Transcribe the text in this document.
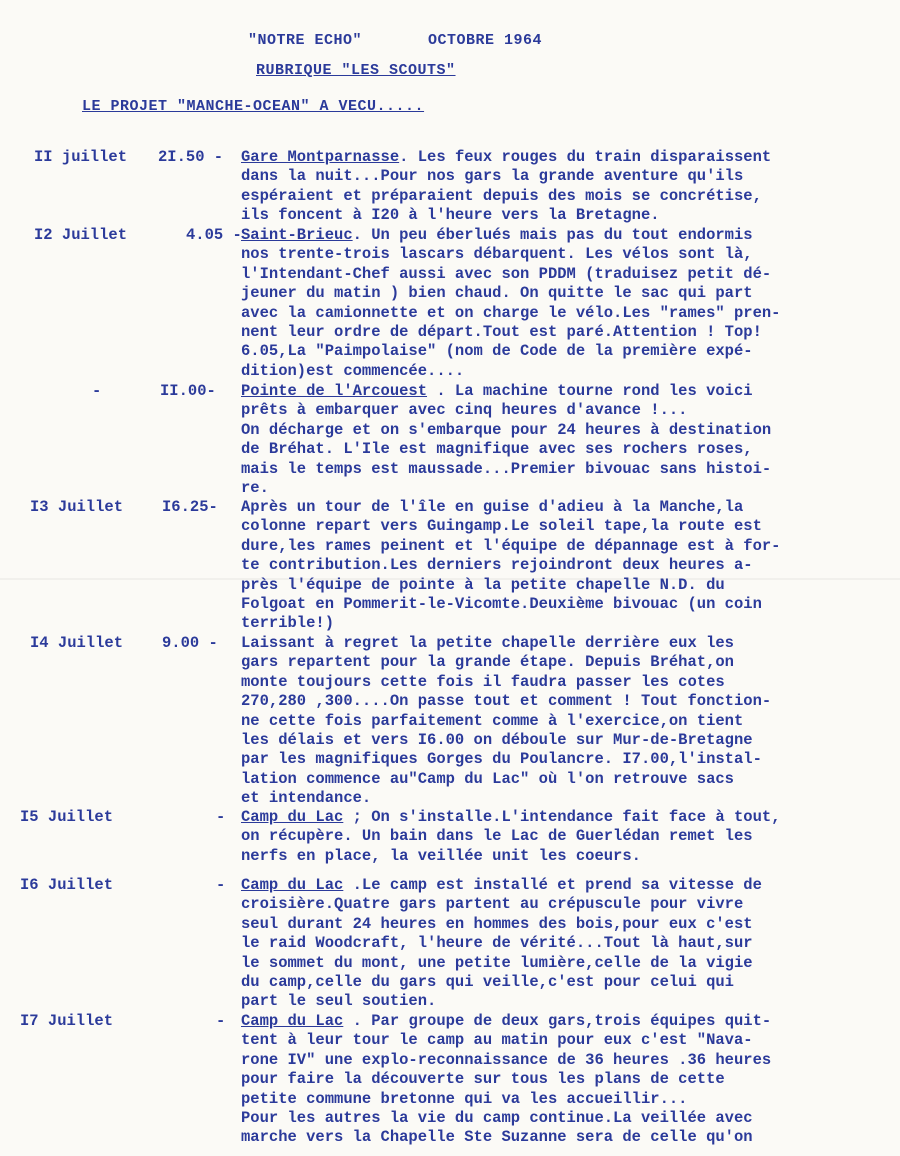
"NOTRE ECHO"	OCTOBRE 1964
RUBRIQUE "LES SCOUTS"
LE PROJET "MANCHE-OCEAN" A VECU.....
II juillet 2I.50 - Gare Montparnasse. Les feux rouges du train disparaissent
dans la nuit...Pour nos gars la grande aventure qu'ils
espéraient et préparaient depuis des mois se concrétise,
ils foncent à I20 à l'heure vers la Bretagne.
I2 Juillet	4.05 - Saint-Brieuc. Un peu éberlués mais pas du tout endormis
nos trente-trois lascars débarquent. Les vélos sont là,
l'Intendant-Chef aussi avec son PDDM (traduisez petit dé-
jeuner du matin ) bien chaud. On quitte le sac qui part
avec la camionnette et on charge le vélo.Les "rames" pren-
nent leur ordre de départ.Tout est paré.Attention ! Top!
6.05,La "Paimpolaise" (nom de Code de la première expé-
dition)est commencée....
-	II.00- Pointe de l'Arcouest . La machine tourne rond les voici
prêts à embarquer avec cinq heures d'avance !...
On décharge et on s'embarque pour 24 heures à destination
de Bréhat. L'Ile est magnifique avec ses rochers roses,
mais le temps est maussade...Premier bivouac sans histoi-
re.
I3 Juillet	I6.25- Après un tour de l'île en guise d'adieu à la Manche,la
colonne repart vers Guingamp.Le soleil tape,la route est
dure,les rames peinent et l'équipe de dépannage est à for-
te contribution.Les derniers rejoindront deux heures a-
près l'équipe de pointe à la petite chapelle N.D. du
Folgoat en Pommerit-le-Vicomte.Deuxième bivouac (un coin
terrible!)
I4 Juillet	9.00 - Laissant à regret la petite chapelle derrière eux les
gars repartent pour la grande étape. Depuis Bréhat,on
monte toujours cette fois il faudra passer les cotes
270,280 ,300....On passe tout et comment ! Tout fonction-
ne cette fois parfaitement comme à l'exercice,on tient
les délais et vers I6.00 on déboule sur Mur-de-Bretagne
par les magnifiques Gorges du Poulancre. I7.00,l'instal-
lation commence au"Camp du Lac" où l'on retrouve sacs
et intendance.
I5 Juillet	- Camp du Lac ; On s'installe.L'intendance fait face à tout,
on récupère. Un bain dans le Lac de Guerlédan remet les
nerfs en place, la veillée unit les coeurs.
I6 Juillet	- Camp du Lac .Le camp est installé et prend sa vitesse de
croisière.Quatre gars partent au crépuscule pour vivre
seul durant 24 heures en hommes des bois,pour eux c'est
le raid Woodcraft, l'heure de vérité...Tout là haut,sur
le sommet du mont, une petite lumière,celle de la vigie
du camp,celle du gars qui veille,c'est pour celui qui
part le seul soutien.
I7 Juillet	- Camp du Lac . Par groupe de deux gars,trois équipes quit-
tent à leur tour le camp au matin pour eux c'est "Nava-
rone IV" une explo-reconnaissance de 36 heures .36 heures
pour faire la découverte sur tous les plans de cette
petite commune bretonne qui va les accueillir...
Pour les autres la vie du camp continue.La veillée avec
marche vers la Chapelle Ste Suzanne sera de celle qu'on
